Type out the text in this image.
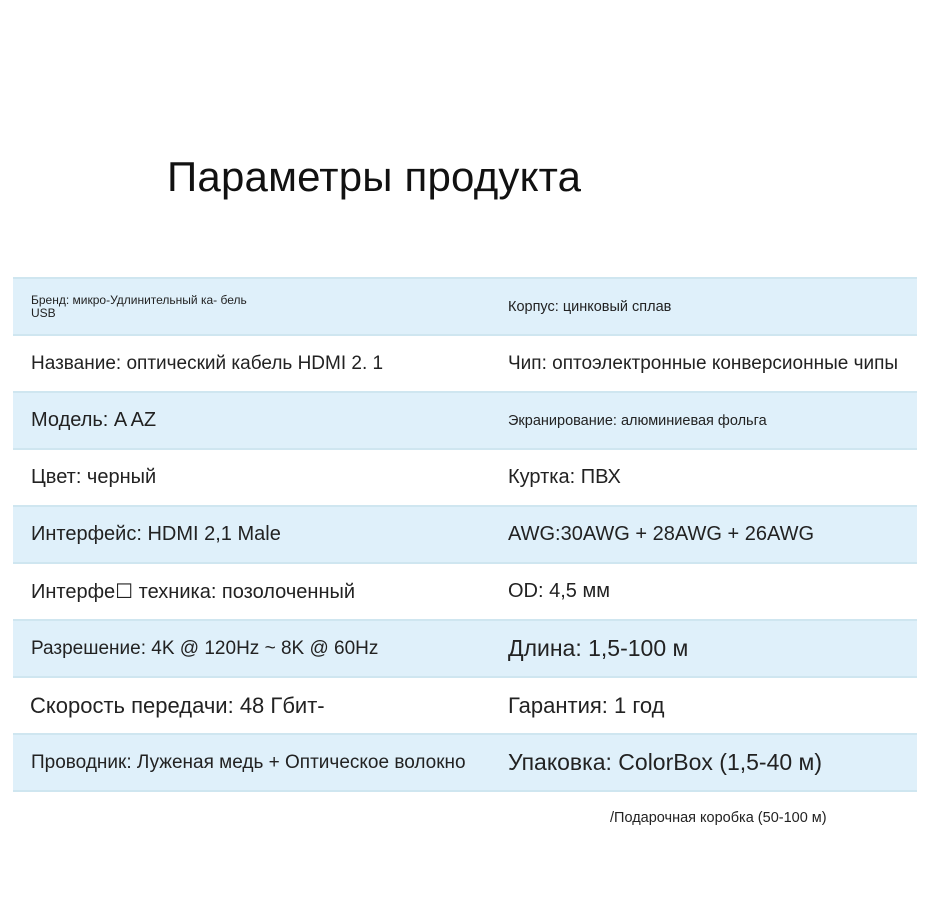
Параметры продукта
Бренд: микро-Удлинительный ка- бель USB	Корпус: цинковый сплав
Название: оптический кабель HDMI 2. 1	Чип: оптоэлектронные конверсионные чипы
Модель: A AZ	Экранирование: алюминиевая фольга
Цвет: черный	Куртка: ПВХ
Интерфейс: HDMI 2,1 Male	AWG:30AWG + 28AWG + 26AWG
Интерфе☐ техника: позолоченный	OD: 4,5 мм
Разрешение: 4K @ 120Hz ~ 8K @ 60Hz	Длина: 1,5-100 м
Скорость передачи: 48 Гбит-	Гарантия: 1 год
Проводник: Луженая медь + Оптическое волокно Упаковка: ColorBox (1,5-40 м)
/Подарочная коробка (50-100 м)
